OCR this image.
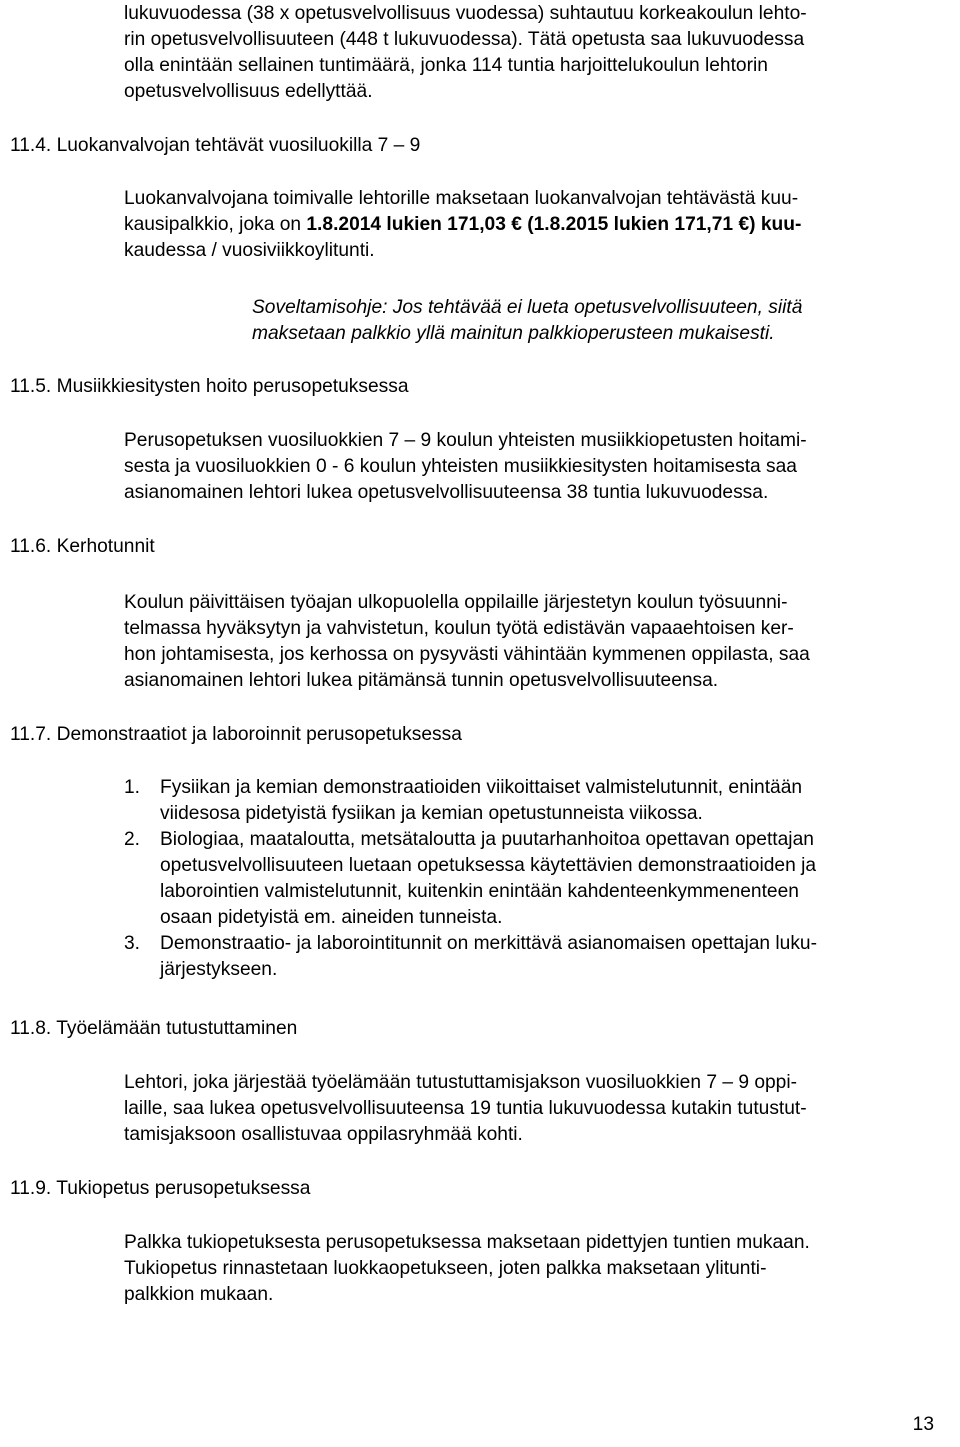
lukuvuodessa (38 x opetusvelvollisuus vuodessa) suhtautuu korkeakoulun lehto-
rin opetusvelvollisuuteen (448 t lukuvuodessa). Tätä opetusta saa lukuvuodessa
olla enintään sellainen tuntimäärä, jonka 114 tuntia harjoittelukoulun lehtorin
opetusvelvollisuus edellyttää.
11.4. Luokanvalvojan tehtävät vuosiluokilla 7 – 9
Luokanvalvojana toimivalle lehtorille maksetaan luokanvalvojan tehtävästä kuu-
kausipalkkio, joka on 1.8.2014 lukien 171,03 € (1.8.2015 lukien 171,71 €) kuu-
kaudessa / vuosiviikkoylitunti.
Soveltamisohje: Jos tehtävää ei lueta opetusvelvollisuuteen, siitä
maksetaan palkkio yllä mainitun palkkioperusteen mukaisesti.
11.5. Musiikkiesitysten hoito perusopetuksessa
Perusopetuksen vuosiluokkien 7 – 9 koulun yhteisten musiikkiopetusten hoitami-
sesta ja vuosiluokkien 0 - 6 koulun yhteisten musiikkiesitysten hoitamisesta saa
asianomainen lehtori lukea opetusvelvollisuuteensa 38 tuntia lukuvuodessa.
11.6. Kerhotunnit
Koulun päivittäisen työajan ulkopuolella oppilaille järjestetyn koulun työsuunni-
telmassa hyväksytyn ja vahvistetun, koulun työtä edistävän vapaaehtoisen ker-
hon johtamisesta, jos kerhossa on pysyvästi vähintään kymmenen oppilasta, saa
asianomainen lehtori lukea pitämänsä tunnin opetusvelvollisuuteensa.
11.7. Demonstraatiot ja laboroinnit perusopetuksessa
1. Fysiikan ja kemian demonstraatioiden viikoittaiset valmistelutunnit, enintään
viidesosa pidetyistä fysiikan ja kemian opetustunneista viikossa.
2. Biologiaa, maataloutta, metsätaloutta ja puutarhanhoitoa opettavan opettajan
opetusvelvollisuuteen luetaan opetuksessa käytettävien demonstraatioiden ja
laborointien valmistelutunnit, kuitenkin enintään kahdenteenkymmenenteen
osaan pidetyistä em. aineiden tunneista.
3. Demonstraatio- ja laborointitunnit on merkittävä asianomaisen opettajan luku-
järjestykseen.
11.8. Työelämään tutustuttaminen
Lehtori, joka järjestää työelämään tutustuttamisjakson vuosiluokkien 7 – 9 oppi-
laille, saa lukea opetusvelvollisuuteensa 19 tuntia lukuvuodessa kutakin tutustut-
tamisjaksoon osallistuvaa oppilasryhmää kohti.
11.9. Tukiopetus perusopetuksessa
Palkka tukiopetuksesta perusopetuksessa maksetaan pidettyjen tuntien mukaan.
Tukiopetus rinnastetaan luokkaopetukseen, joten palkka maksetaan ylitunti-
palkkion mukaan.
13
